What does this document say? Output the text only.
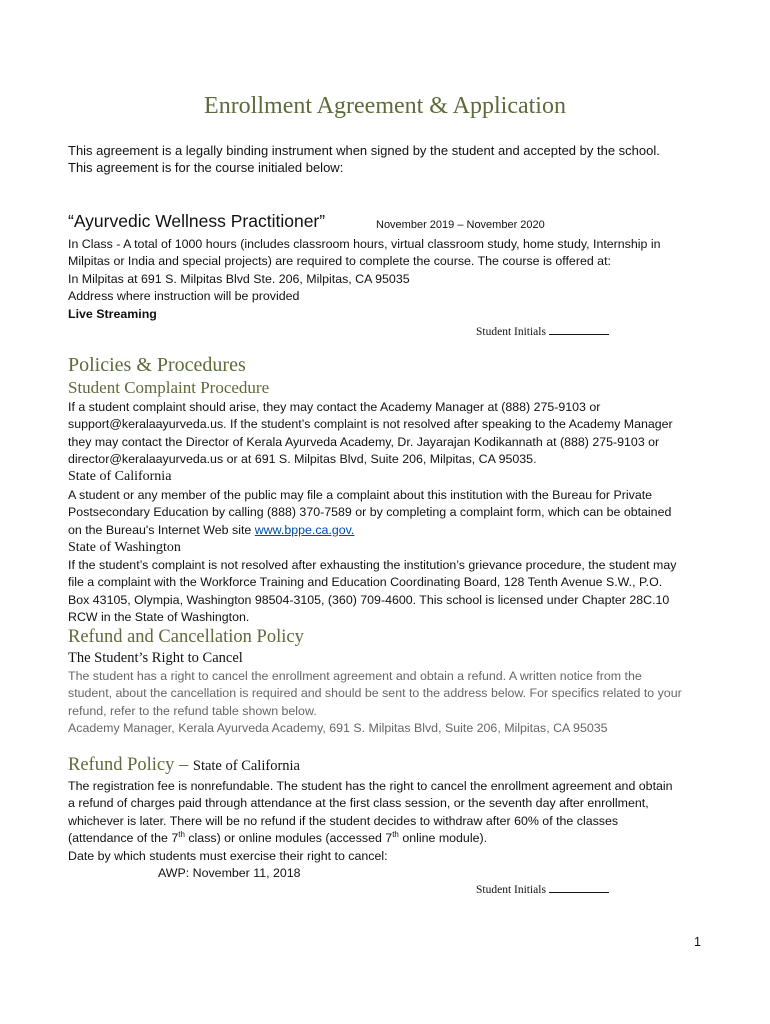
Enrollment Agreement & Application
This agreement is a legally binding instrument when signed by the student and accepted by the school.
This agreement is for the course initialed below:
“Ayurvedic Wellness Practitioner”	November 2019 – November 2020
In Class - A total of 1000 hours (includes classroom hours, virtual classroom study, home study, Internship in
Milpitas or India and special projects) are required to complete the course. The course is offered at:
In Milpitas at 691 S. Milpitas Blvd Ste. 206, Milpitas, CA 95035
Address where instruction will be provided
Live Streaming
Student Initials
Policies & Procedures
Student Complaint Procedure
If a student complaint should arise, they may contact the Academy Manager at (888) 275-9103 or
support@keralaayurveda.us. If the student’s complaint is not resolved after speaking to the Academy Manager
they may contact the Director of Kerala Ayurveda Academy, Dr. Jayarajan Kodikannath at (888) 275-9103 or
director@keralaayurveda.us or at 691 S. Milpitas Blvd, Suite 206, Milpitas, CA 95035.
State of California
A student or any member of the public may file a complaint about this institution with the Bureau for Private
Postsecondary Education by calling (888) 370-7589 or by completing a complaint form, which can be obtained
on the Bureau's Internet Web site www.bppe.ca.gov.
State of Washington
If the student’s complaint is not resolved after exhausting the institution’s grievance procedure, the student may
file a complaint with the Workforce Training and Education Coordinating Board, 128 Tenth Avenue S.W., P.O.
Box 43105, Olympia, Washington 98504-3105, (360) 709-4600. This school is licensed under Chapter 28C.10
RCW in the State of Washington.
Refund and Cancellation Policy
The Student’s Right to Cancel
The student has a right to cancel the enrollment agreement and obtain a refund. A written notice from the
student, about the cancellation is required and should be sent to the address below. For specifics related to your
refund, refer to the refund table shown below.
Academy Manager, Kerala Ayurveda Academy, 691 S. Milpitas Blvd, Suite 206, Milpitas, CA 95035
Refund Policy – State of California
The registration fee is nonrefundable. The student has the right to cancel the enrollment agreement and obtain
a refund of charges paid through attendance at the first class session, or the seventh day after enrollment,
whichever is later. There will be no refund if the student decides to withdraw after 60% of the classes
(attendance of the 7th class) or online modules (accessed 7th online module).
Date by which students must exercise their right to cancel:
AWP: November 11, 2018
Student Initials
1
